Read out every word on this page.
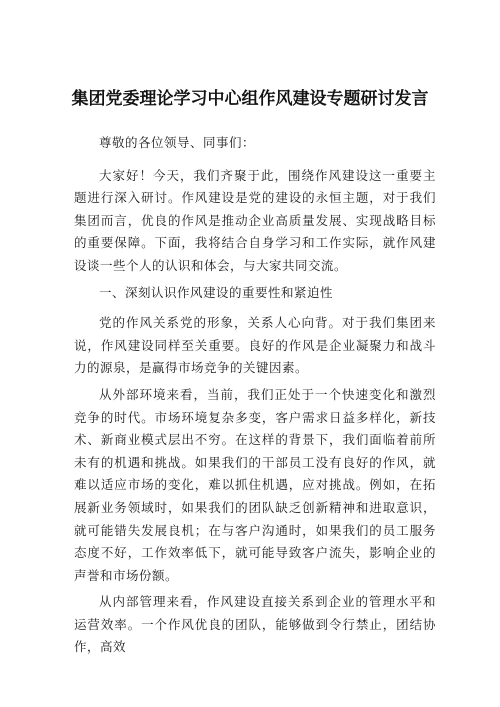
集团党委理论学习中心组作风建设专题研讨发言

尊敬的各位领导、同事们：

大家好！今天，我们齐聚于此，围绕作风建设这一重要主题进行深入研讨。作风建设是党的建设的永恒主题，对于我们集团而言，优良的作风是推动企业高质量发展、实现战略目标的重要保障。下面，我将结合自身学习和工作实际，就作风建设谈一些个人的认识和体会，与大家共同交流。

一、深刻认识作风建设的重要性和紧迫性

党的作风关系党的形象，关系人心向背。对于我们集团来说，作风建设同样至关重要。良好的作风是企业凝聚力和战斗力的源泉，是赢得市场竞争的关键因素。

从外部环境来看，当前，我们正处于一个快速变化和激烈竞争的时代。市场环境复杂多变，客户需求日益多样化，新技术、新商业模式层出不穷。在这样的背景下，我们面临着前所未有的机遇和挑战。如果我们的干部员工没有良好的作风，就难以适应市场的变化，难以抓住机遇，应对挑战。例如，在拓展新业务领域时，如果我们的团队缺乏创新精神和进取意识，就可能错失发展良机；在与客户沟通时，如果我们的员工服务态度不好，工作效率低下，就可能导致客户流失，影响企业的声誉和市场份额。

从内部管理来看，作风建设直接关系到企业的管理水平和运营效率。一个作风优良的团队，能够做到令行禁止，团结协作，高效
